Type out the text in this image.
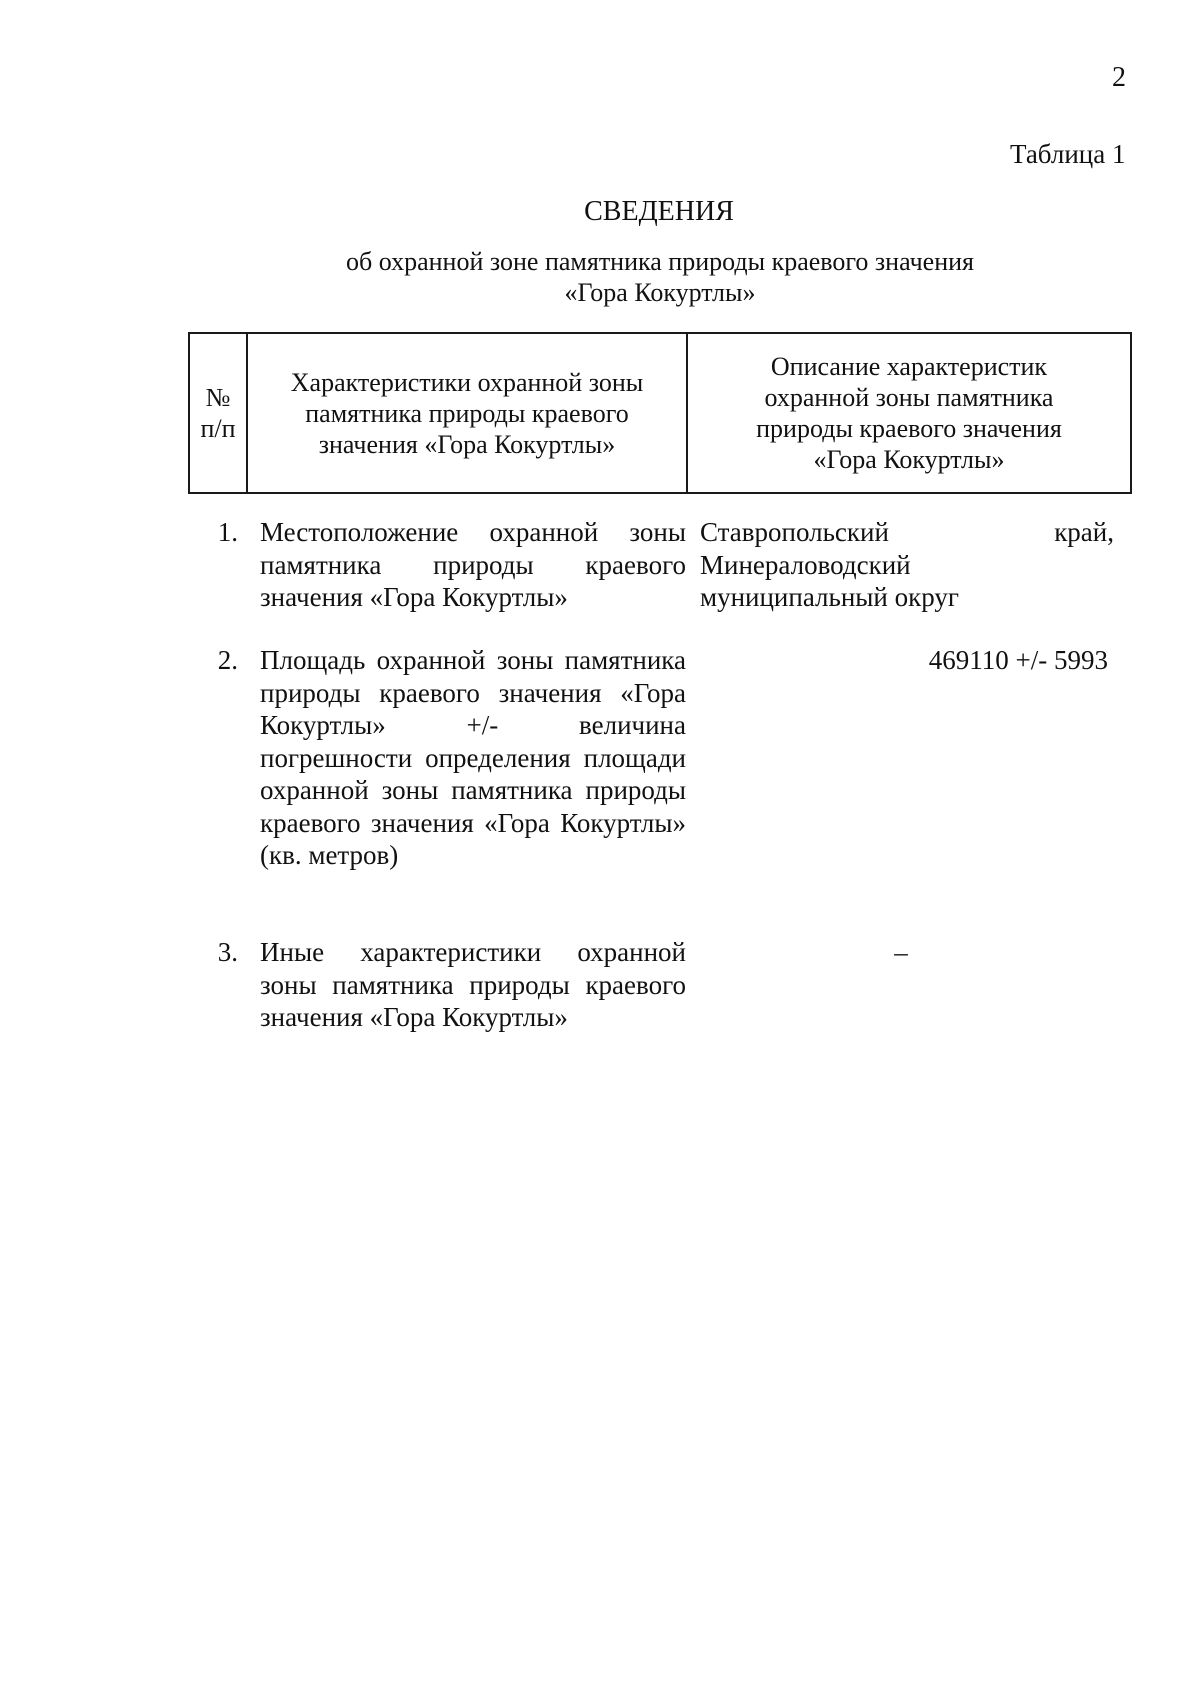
2
Таблица 1
СВЕДЕНИЯ
об охранной зоне памятника природы краевого значения
«Гора Кокуртлы»
№ п/п
Характеристики охранной зоны памятника природы краевого значения «Гора Кокуртлы»
Описание характеристик охранной зоны памятника природы краевого значения «Гора Кокуртлы»
1. Местоположение охранной зоны памятника природы краевого значения «Гора Кокуртлы»
Ставропольский	край,
Минераловодский муниципальный округ
2. Площадь охранной зоны памятника природы краевого значения «Гора Кокуртлы» +/- величина погрешности определения площади охранной зоны памятника природы краевого значения «Гора Кокуртлы» (кв. метров)
469110 +/- 5993
3. Иные характеристики охранной зоны памятника природы краевого значения «Гора Кокуртлы»
–
